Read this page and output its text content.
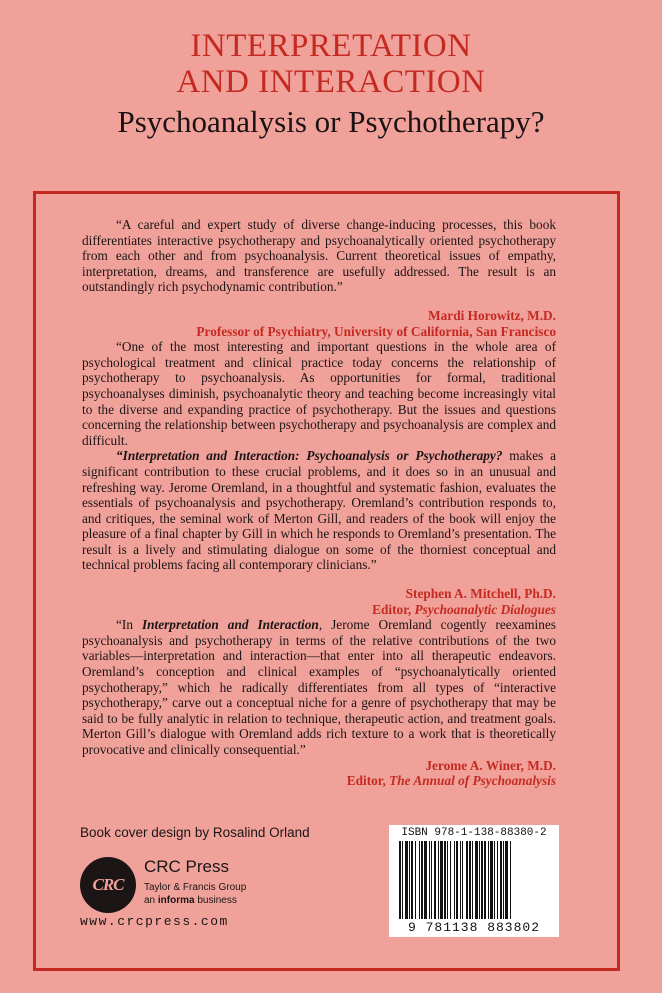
INTERPRETATION
AND INTERACTION
Psychoanalysis or Psychotherapy?

“A careful and expert study of diverse change-inducing processes, this book differentiates interactive psychotherapy and psychoanalytically oriented psychotherapy from each other and from psychoanalysis. Current theoretical issues of empathy, interpretation, dreams, and transference are usefully addressed. The result is an outstandingly rich psychodynamic contribution.”

Mardi Horowitz, M.D.
Professor of Psychiatry, University of California, San Francisco

“One of the most interesting and important questions in the whole area of psychological treatment and clinical practice today concerns the relationship of psychotherapy to psychoanalysis. As opportunities for formal, traditional psychoanalyses diminish, psychoanalytic theory and teaching become increasingly vital to the diverse and expanding practice of psychotherapy. But the issues and questions concerning the relationship between psychotherapy and psychoanalysis are complex and difficult.

“Interpretation and Interaction: Psychoanalysis or Psychotherapy? makes a significant contribution to these crucial problems, and it does so in an unusual and refreshing way. Jerome Oremland, in a thoughtful and systematic fashion, evaluates the essentials of psychoanalysis and psychotherapy. Oremland’s contribution responds to, and critiques, the seminal work of Merton Gill, and readers of the book will enjoy the pleasure of a final chapter by Gill in which he responds to Oremland’s presentation. The result is a lively and stimulating dialogue on some of the thorniest conceptual and technical problems facing all contemporary clinicians.”

Stephen A. Mitchell, Ph.D.
Editor, Psychoanalytic Dialogues

“In Interpretation and Interaction, Jerome Oremland cogently reexamines psychoanalysis and psychotherapy in terms of the relative contributions of the two variables—interpretation and interaction—that enter into all therapeutic endeavors. Oremland’s conception and clinical examples of “psychoanalytically oriented psychotherapy,” which he radically differentiates from all types of “interactive psychotherapy,” carve out a conceptual niche for a genre of psychotherapy that may be said to be fully analytic in relation to technique, therapeutic action, and treatment goals. Merton Gill’s dialogue with Oremland adds rich texture to a work that is theoretically provocative and clinically consequential.”

Jerome A. Winer, M.D.
Editor, The Annual of Psychoanalysis
Book cover design by Rosalind Orland
CRC
CRC Press
Taylor & Francis Group
an informa business
www.crcpress.com
ISBN 978-1-138-88380-2
9 781138 883802
